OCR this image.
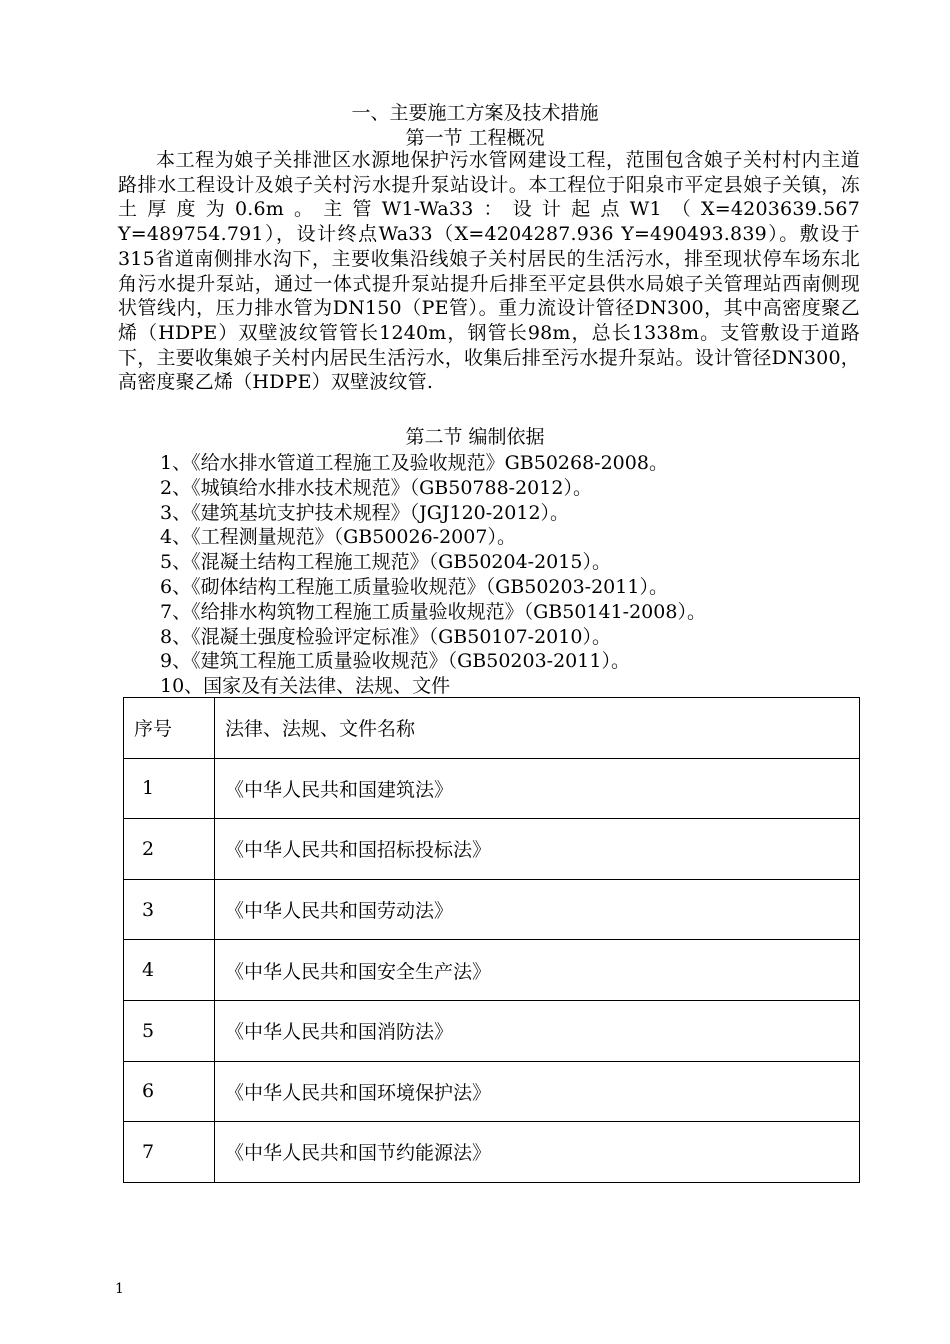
一、主要施工方案及技术措施
第一节 工程概况

本工程为娘子关排泄区水源地保护污水管网建设工程，范围包含娘子关村村内主道路排水工程设计及娘子关村污水提升泵站设计。本工程位于阳泉市平定县娘子关镇，冻土厚度为0.6m。主管W1-Wa33：设计起点W1（X=4203639.567 Y=489754.791），设计终点Wa33（X=4204287.936 Y=490493.839）。敷设于315省道南侧排水沟下，主要收集沿线娘子关村居民的生活污水，排至现状停车场东北角污水提升泵站，通过一体式提升泵站提升后排至平定县供水局娘子关管理站西南侧现状管线内，压力排水管为DN150（PE管）。重力流设计管径DN300，其中高密度聚乙烯（HDPE）双壁波纹管管长1240m，钢管长98m，总长1338m。支管敷设于道路下，主要收集娘子关村内居民生活污水，收集后排至污水提升泵站。设计管径DN300，高密度聚乙烯（HDPE）双壁波纹管.

第二节 编制依据
1、《给水排水管道工程施工及验收规范》GB50268-2008。
2、《城镇给水排水技术规范》（GB50788-2012）。
3、《建筑基坑支护技术规程》（JGJ120-2012）。
4、《工程测量规范》（GB50026-2007）。
5、《混凝土结构工程施工规范》（GB50204-2015）。
6、《砌体结构工程施工质量验收规范》（GB50203-2011）。
7、《给排水构筑物工程施工质量验收规范》（GB50141-2008）。
8、《混凝土强度检验评定标准》（GB50107-2010）。
9、《建筑工程施工质量验收规范》（GB50203-2011）。
10、国家及有关法律、法规、文件
序号	法律、法规、文件名称
1	《中华人民共和国建筑法》
2	《中华人民共和国招标投标法》
3	《中华人民共和国劳动法》
4	《中华人民共和国安全生产法》
5	《中华人民共和国消防法》
6	《中华人民共和国环境保护法》
7	《中华人民共和国节约能源法》
1
